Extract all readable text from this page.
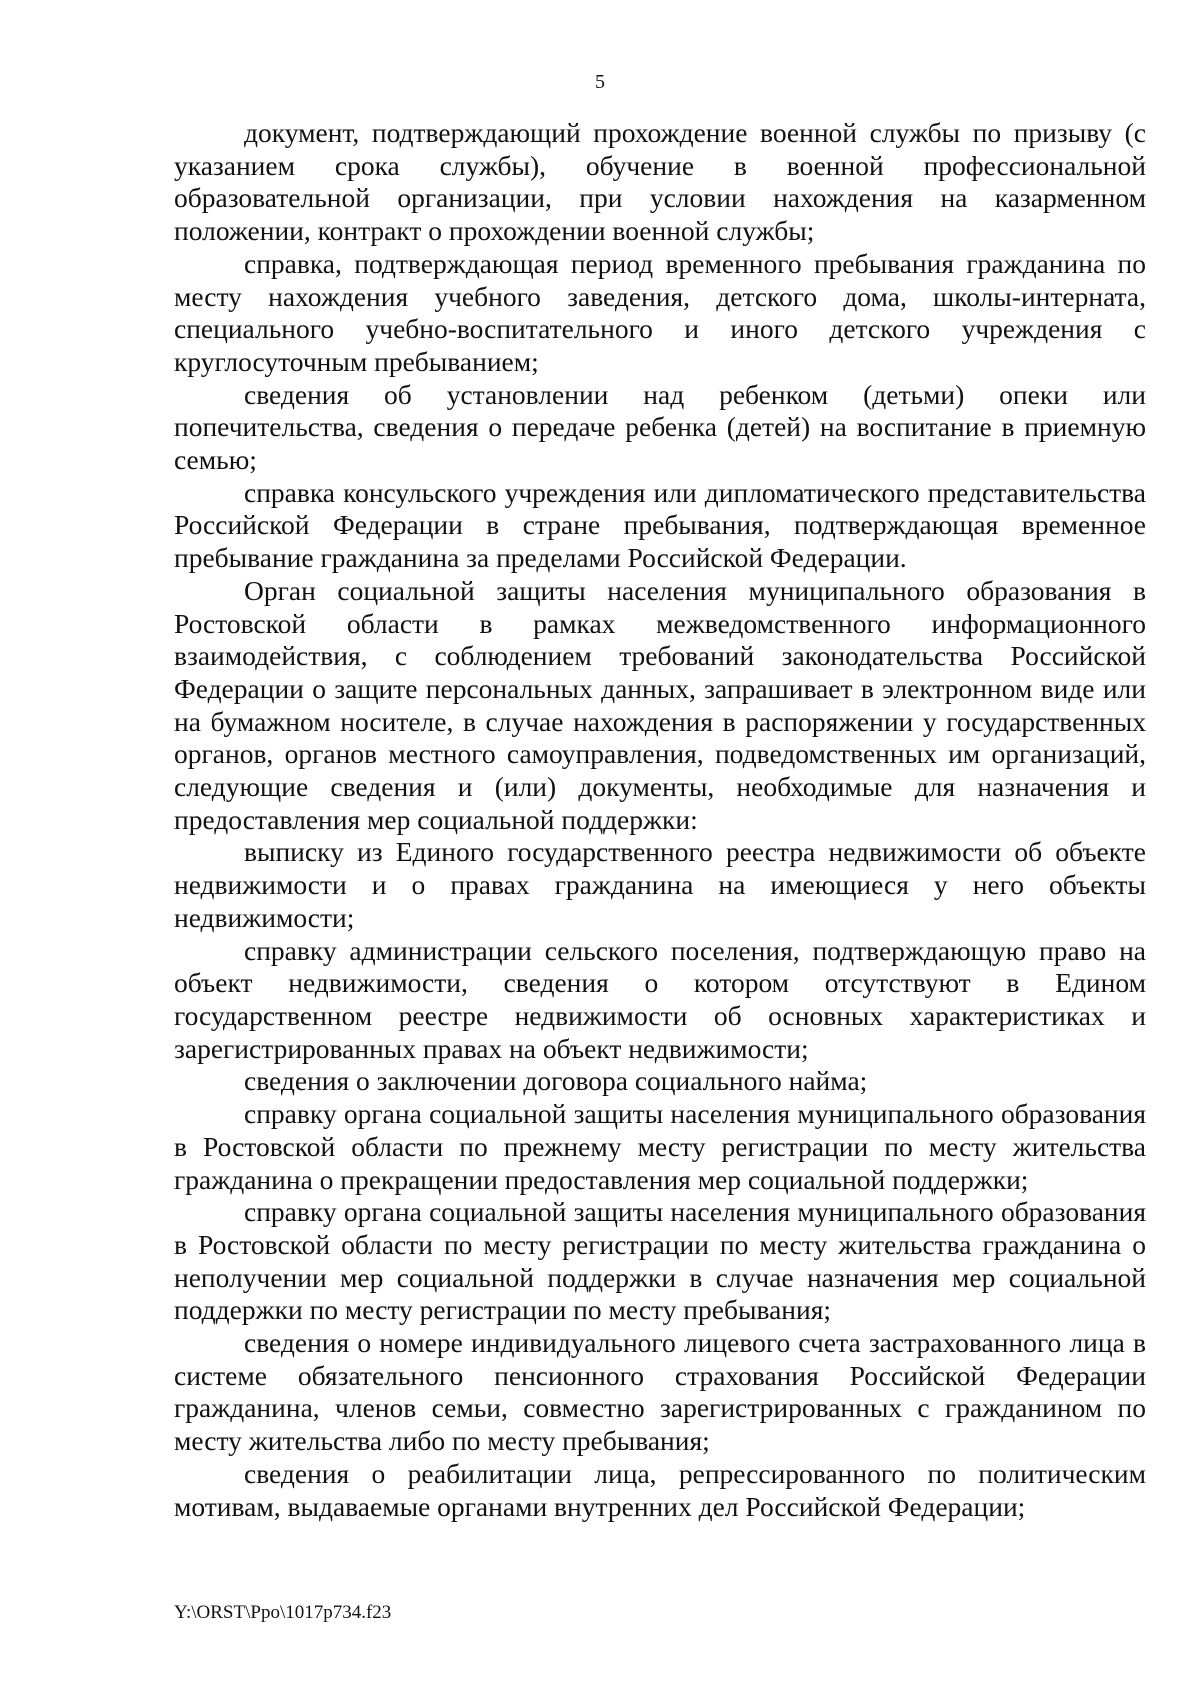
5

документ, подтверждающий прохождение военной службы по призыву (с указанием срока службы), обучение в военной профессиональной образовательной организации, при условии нахождения на казарменном положении, контракт о прохождении военной службы;

справка, подтверждающая период временного пребывания гражданина по месту нахождения учебного заведения, детского дома, школы-интерната, специального учебно-воспитательного и иного детского учреждения с круглосуточным пребыванием;

сведения об установлении над ребенком (детьми) опеки или попечительства, сведения о передаче ребенка (детей) на воспитание в приемную семью;

справка консульского учреждения или дипломатического представительства Российской Федерации в стране пребывания, подтверждающая временное пребывание гражданина за пределами Российской Федерации.

Орган социальной защиты населения муниципального образования в Ростовской области в рамках межведомственного информационного взаимодействия, с соблюдением требований законодательства Российской Федерации о защите персональных данных, запрашивает в электронном виде или на бумажном носителе, в случае нахождения в распоряжении у государственных органов, органов местного самоуправления, подведомственных им организаций, следующие сведения и (или) документы, необходимые для назначения и предоставления мер социальной поддержки:

выписку из Единого государственного реестра недвижимости об объекте недвижимости и о правах гражданина на имеющиеся у него объекты недвижимости;

справку администрации сельского поселения, подтверждающую право на объект недвижимости, сведения о котором отсутствуют в Едином государственном реестре недвижимости об основных характеристиках и зарегистрированных правах на объект недвижимости;

сведения о заключении договора социального найма;

справку органа социальной защиты населения муниципального образования в Ростовской области по прежнему месту регистрации по месту жительства гражданина о прекращении предоставления мер социальной поддержки;

справку органа социальной защиты населения муниципального образования в Ростовской области по месту регистрации по месту жительства гражданина о неполучении мер социальной поддержки в случае назначения мер социальной поддержки по месту регистрации по месту пребывания;

сведения о номере индивидуального лицевого счета застрахованного лица в системе обязательного пенсионного страхования Российской Федерации гражданина, членов семьи, совместно зарегистрированных с гражданином по месту жительства либо по месту пребывания;

сведения о реабилитации лица, репрессированного по политическим мотивам, выдаваемые органами внутренних дел Российской Федерации;

Y:\ORST\Ppo\1017p734.f23
